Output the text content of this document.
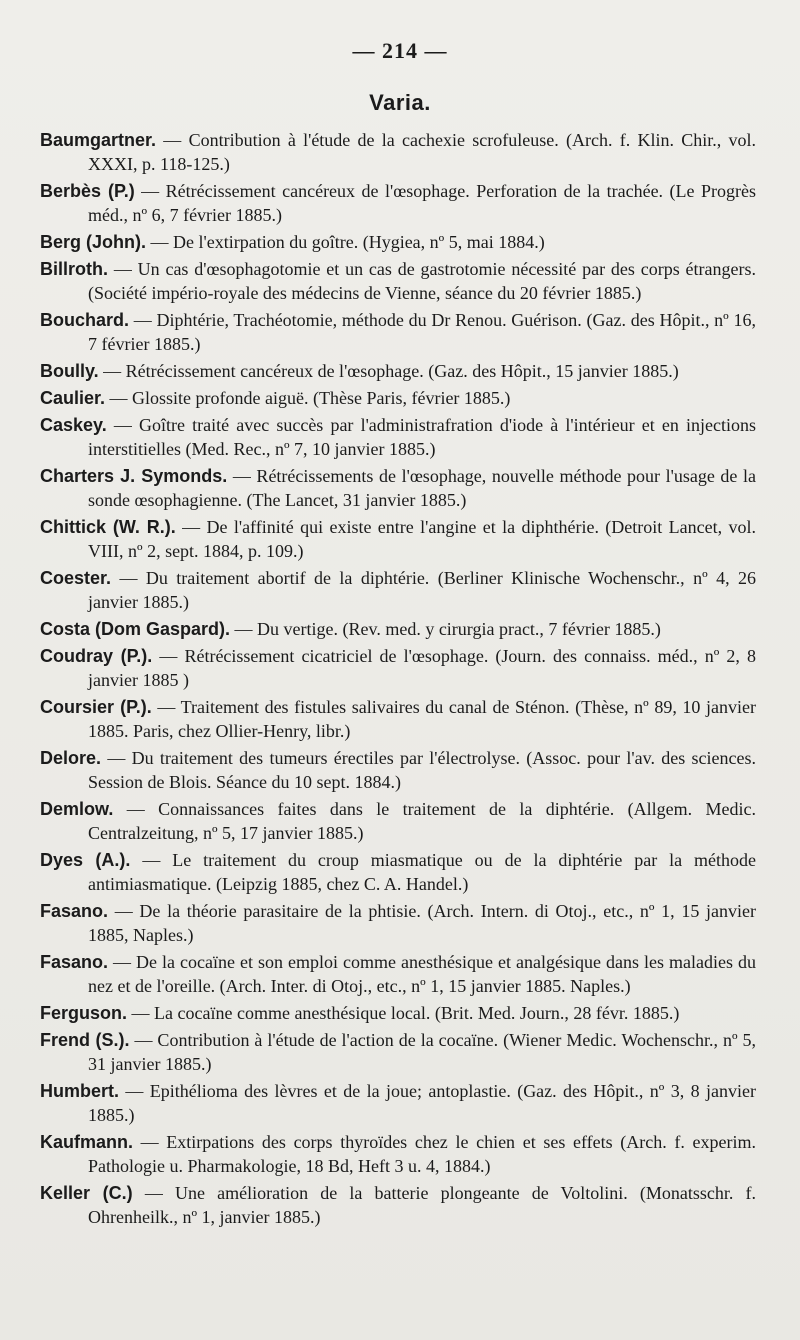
— 214 —
Varia.

Baumgartner. — Contribution à l'étude de la cachexie scrofuleuse. (Arch. f. Klin. Chir., vol. XXXI, p. 118-125.)

Berbès (P.) — Rétrécissement cancéreux de l'œsophage. Perforation de la trachée. (Le Progrès méd., nº 6, 7 février 1885.)

Berg (John). — De l'extirpation du goître. (Hygiea, nº 5, mai 1884.)

Billroth. — Un cas d'œsophagotomie et un cas de gastrotomie nécessité par des corps étrangers. (Société império-royale des médecins de Vienne, séance du 20 février 1885.)

Bouchard. — Diphtérie, Trachéotomie, méthode du Dr Renou. Guérison. (Gaz. des Hôpit., nº 16, 7 février 1885.)

Boully. — Rétrécissement cancéreux de l'œsophage. (Gaz. des Hôpit., 15 janvier 1885.)

Caulier. — Glossite profonde aiguë. (Thèse Paris, février 1885.)

Caskey. — Goître traité avec succès par l'administrafration d'iode à l'intérieur et en injections interstitielles (Med. Rec., nº 7, 10 janvier 1885.)

Charters J. Symonds. — Rétrécissements de l'œsophage, nouvelle méthode pour l'usage de la sonde œsophagienne. (The Lancet, 31 janvier 1885.)

Chittick (W. R.). — De l'affinité qui existe entre l'angine et la diphthérie. (Detroit Lancet, vol. VIII, nº 2, sept. 1884, p. 109.)

Coester. — Du traitement abortif de la diphtérie. (Berliner Klinische Wochenschr., nº 4, 26 janvier 1885.)

Costa (Dom Gaspard). — Du vertige. (Rev. med. y cirurgia pract., 7 février 1885.)

Coudray (P.). — Rétrécissement cicatriciel de l'œsophage. (Journ. des connaiss. méd., nº 2, 8 janvier 1885 )

Coursier (P.). — Traitement des fistules salivaires du canal de Sténon. (Thèse, nº 89, 10 janvier 1885. Paris, chez Ollier-Henry, libr.)

Delore. — Du traitement des tumeurs érectiles par l'électrolyse. (Assoc. pour l'av. des sciences. Session de Blois. Séance du 10 sept. 1884.)

Demlow. — Connaissances faites dans le traitement de la diphtérie. (Allgem. Medic. Centralzeitung, nº 5, 17 janvier 1885.)

Dyes (A.). — Le traitement du croup miasmatique ou de la diphtérie par la méthode antimiasmatique. (Leipzig 1885, chez C. A. Handel.)

Fasano. — De la théorie parasitaire de la phtisie. (Arch. Intern. di Otoj., etc., nº 1, 15 janvier 1885, Naples.)

Fasano. — De la cocaïne et son emploi comme anesthésique et analgésique dans les maladies du nez et de l'oreille. (Arch. Inter. di Otoj., etc., nº 1, 15 janvier 1885. Naples.)

Ferguson. — La cocaïne comme anesthésique local. (Brit. Med. Journ., 28 févr. 1885.)

Frend (S.). — Contribution à l'étude de l'action de la cocaïne. (Wiener Medic. Wochenschr., nº 5, 31 janvier 1885.)

Humbert. — Epithélioma des lèvres et de la joue; antoplastie. (Gaz. des Hôpit., nº 3, 8 janvier 1885.)

Kaufmann. — Extirpations des corps thyroïdes chez le chien et ses effets (Arch. f. experim. Pathologie u. Pharmakologie, 18 Bd, Heft 3 u. 4, 1884.)

Keller (C.) — Une amélioration de la batterie plongeante de Voltolini. (Monatsschr. f. Ohrenheilk., nº 1, janvier 1885.)
